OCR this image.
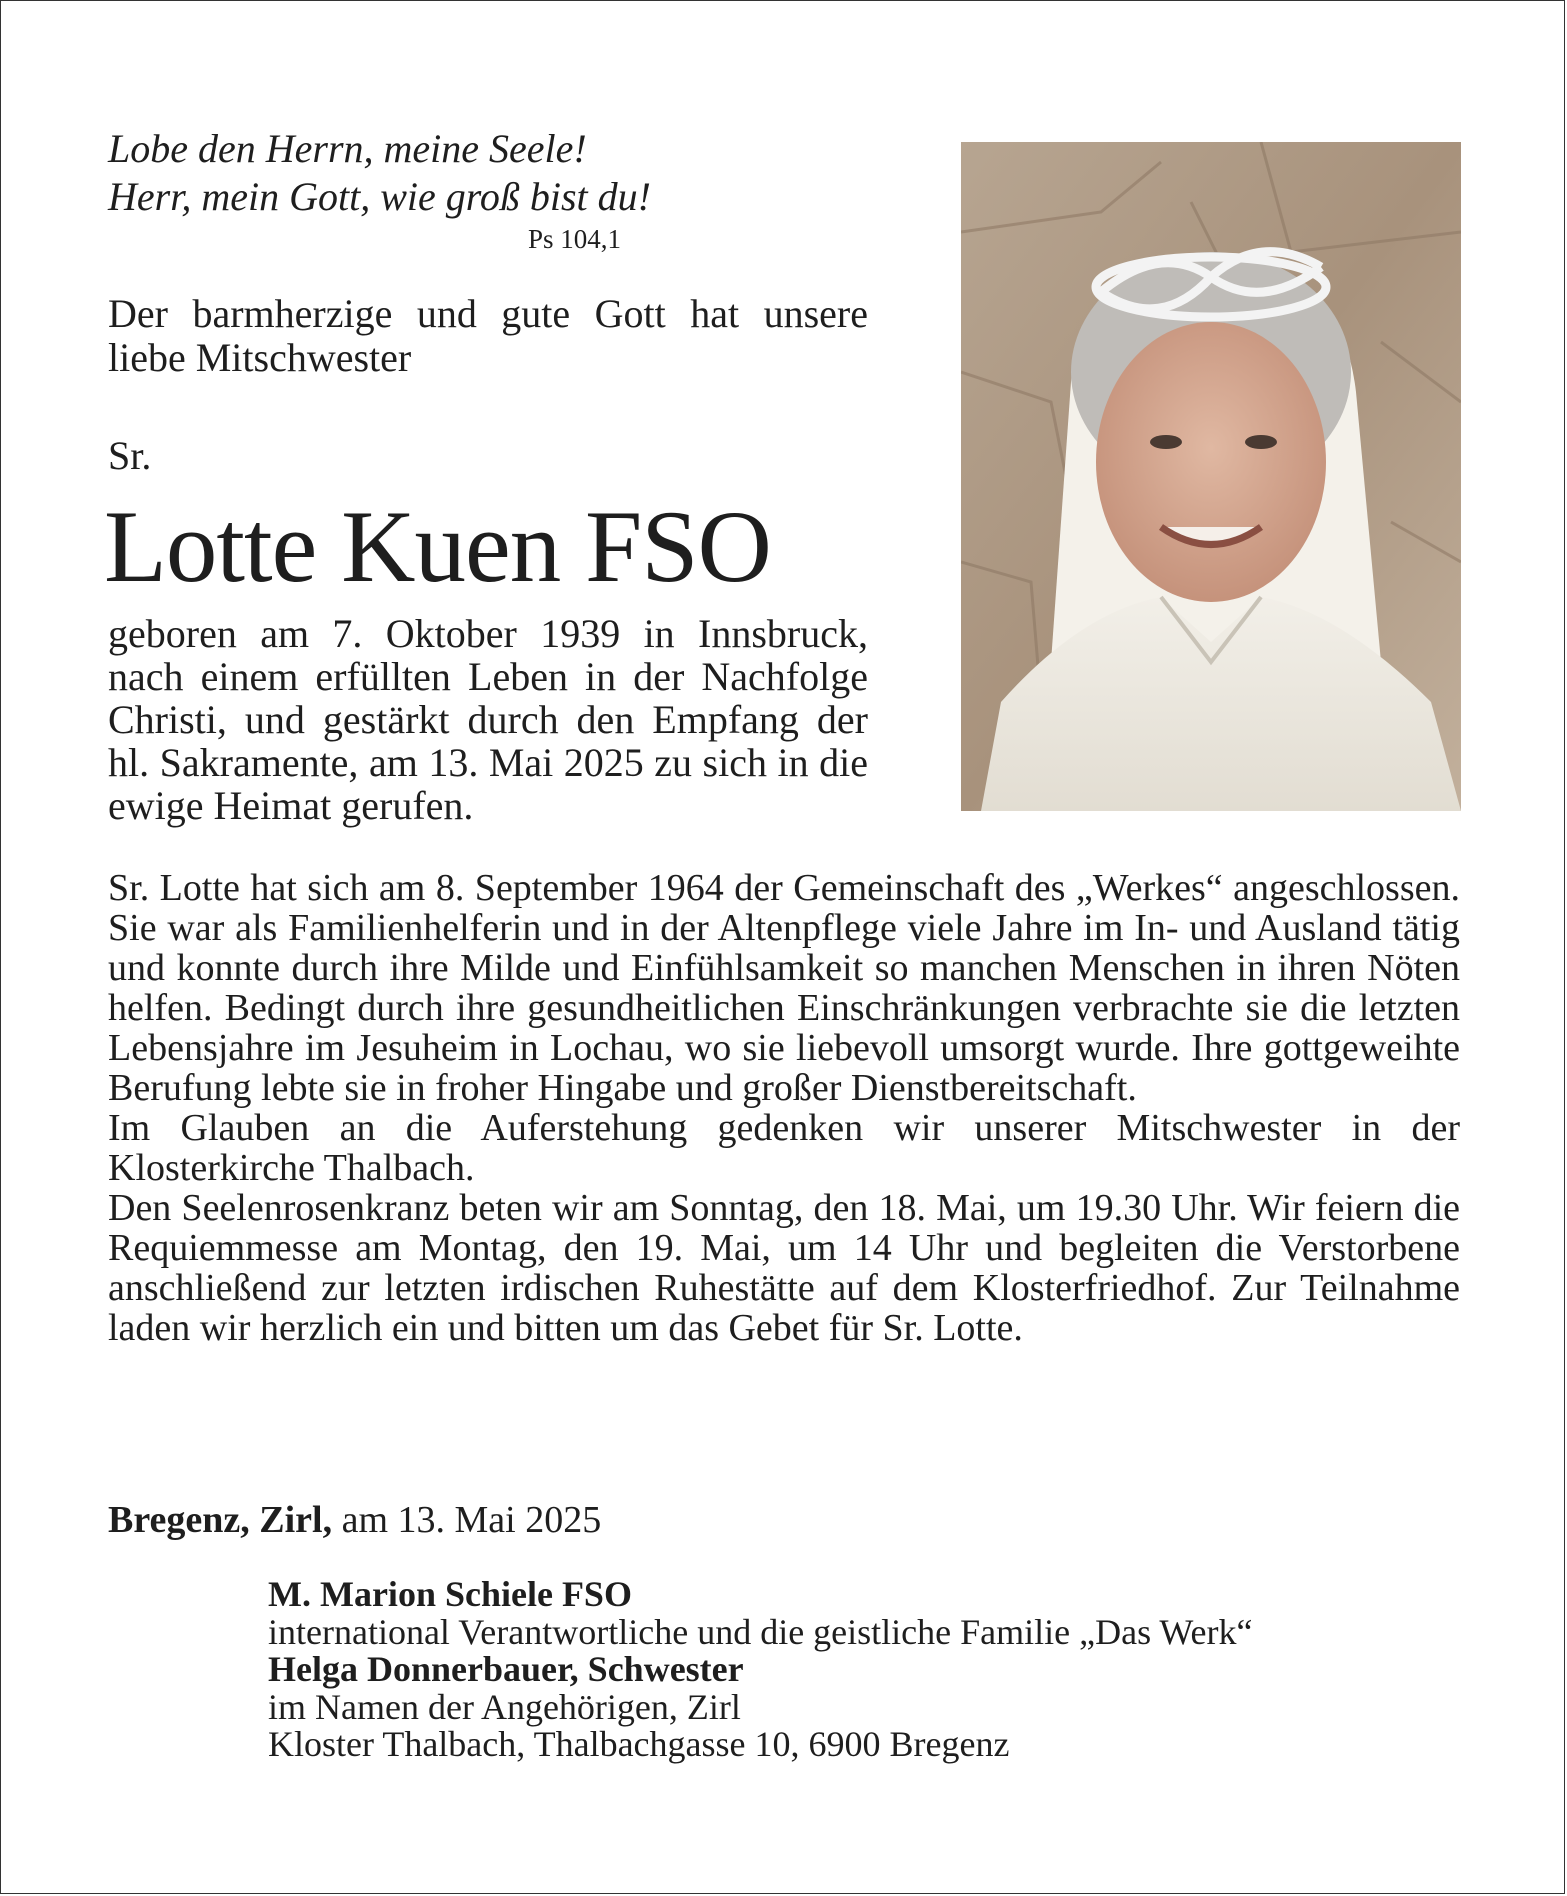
Lobe den Herrn, meine Seele!
Herr, mein Gott, wie groß bist du!
Ps 104,1
Der barmherzige und gute Gott hat unsere liebe Mitschwester
Sr.
Lotte Kuen FSO
geboren am 7. Oktober 1939 in Innsbruck, nach einem erfüllten Leben in der Nachfolge Christi, und gestärkt durch den Empfang der hl. Sakramente, am 13. Mai 2025 zu sich in die ewige Heimat gerufen.

Sr. Lotte hat sich am 8. September 1964 der Gemeinschaft des „Werkes“ angeschlossen. Sie war als Familienhelferin und in der Altenpflege viele Jahre im In- und Ausland tätig und konnte durch ihre Milde und Einfühlsamkeit so manchen Menschen in ihren Nöten helfen. Bedingt durch ihre gesundheitlichen Einschränkungen verbrachte sie die letzten Lebensjahre im Jesuheim in Lochau, wo sie liebevoll umsorgt wurde. Ihre gottgeweihte Berufung lebte sie in froher Hingabe und großer Dienstbereitschaft.

Im Glauben an die Auferstehung gedenken wir unserer Mitschwester in der Klosterkirche Thalbach.

Den Seelenrosenkranz beten wir am Sonntag, den 18. Mai, um 19.30 Uhr. Wir feiern die Requiemmesse am Montag, den 19. Mai, um 14 Uhr und begleiten die Verstorbene anschließend zur letzten irdischen Ruhestätte auf dem Klosterfriedhof. Zur Teilnahme laden wir herzlich ein und bitten um das Gebet für Sr. Lotte.

Bregenz, Zirl, am 13. Mai 2025
M. Marion Schiele FSO
international Verantwortliche und die geistliche Familie „Das Werk“
Helga Donnerbauer, Schwester
im Namen der Angehörigen, Zirl
Kloster Thalbach, Thalbachgasse 10, 6900 Bregenz
